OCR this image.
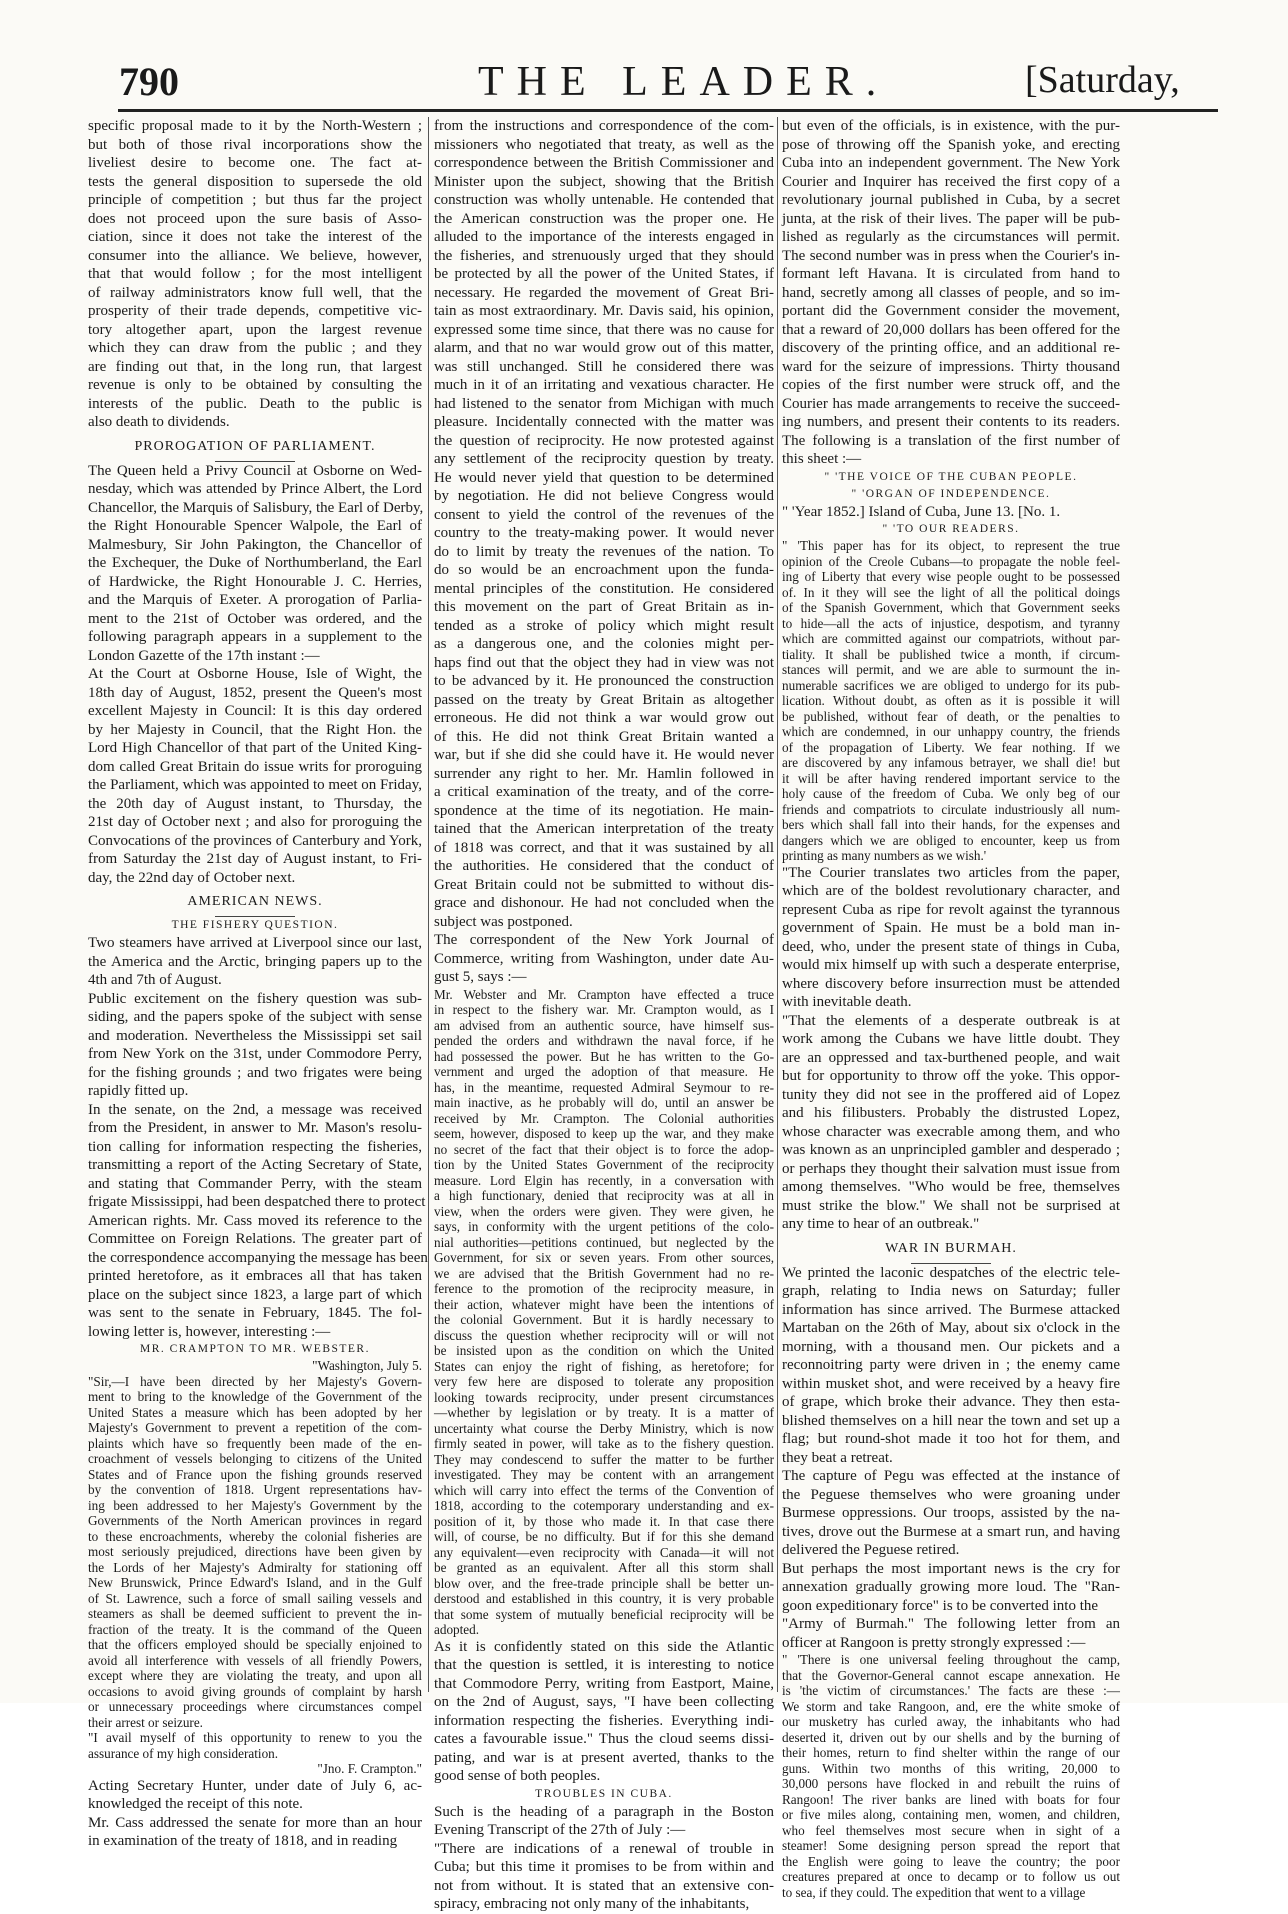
790	THE LEADER.	[Saturday,
specific proposal made to it by the North-Western ;
but both of those rival incorporations show the
liveliest desire to become one. The fact at-
tests the general disposition to supersede the old
principle of competition ; but thus far the project
does not proceed upon the sure basis of Asso-
ciation, since it does not take the interest of the
consumer into the alliance. We believe, however,
that that would follow ; for the most intelligent
of railway administrators know full well, that the
prosperity of their trade depends, competitive vic-
tory altogether apart, upon the largest revenue
which they can draw from the public ; and they
are finding out that, in the long run, that largest
revenue is only to be obtained by consulting the
interests of the public. Death to the public is
also death to dividends.
PROROGATION OF PARLIAMENT.
The Queen held a Privy Council at Osborne on Wed-
nesday, which was attended by Prince Albert, the Lord
Chancellor, the Marquis of Salisbury, the Earl of Derby,
the Right Honourable Spencer Walpole, the Earl of
Malmesbury, Sir John Pakington, the Chancellor of
the Exchequer, the Duke of Northumberland, the Earl
of Hardwicke, the Right Honourable J. C. Herries,
and the Marquis of Exeter. A prorogation of Parlia-
ment to the 21st of October was ordered, and the
following paragraph appears in a supplement to the
London Gazette of the 17th instant :—
At the Court at Osborne House, Isle of Wight, the
18th day of August, 1852, present the Queen's most
excellent Majesty in Council: It is this day ordered
by her Majesty in Council, that the Right Hon. the
Lord High Chancellor of that part of the United King-
dom called Great Britain do issue writs for proroguing
the Parliament, which was appointed to meet on Friday,
the 20th day of August instant, to Thursday, the
21st day of October next ; and also for proroguing the
Convocations of the provinces of Canterbury and York,
from Saturday the 21st day of August instant, to Fri-
day, the 22nd day of October next.
AMERICAN NEWS.
THE FISHERY QUESTION.
Two steamers have arrived at Liverpool since our last,
the America and the Arctic, bringing papers up to the
4th and 7th of August.
Public excitement on the fishery question was sub-
siding, and the papers spoke of the subject with sense
and moderation. Nevertheless the Mississippi set sail
from New York on the 31st, under Commodore Perry,
for the fishing grounds ; and two frigates were being
rapidly fitted up.
In the senate, on the 2nd, a message was received
from the President, in answer to Mr. Mason's resolu-
tion calling for information respecting the fisheries,
transmitting a report of the Acting Secretary of State,
and stating that Commander Perry, with the steam
frigate Mississippi, had been despatched there to protect
American rights. Mr. Cass moved its reference to the
Committee on Foreign Relations. The greater part of
the correspondence accompanying the message has been
printed heretofore, as it embraces all that has taken
place on the subject since 1823, a large part of which
was sent to the senate in February, 1845. The fol-
lowing letter is, however, interesting :—
MR. CRAMPTON TO MR. WEBSTER.
"Washington, July 5.
"Sir,—I have been directed by her Majesty's Govern-
ment to bring to the knowledge of the Government of the
United States a measure which has been adopted by her
Majesty's Government to prevent a repetition of the com-
plaints which have so frequently been made of the en-
croachment of vessels belonging to citizens of the United
States and of France upon the fishing grounds reserved
by the convention of 1818. Urgent representations hav-
ing been addressed to her Majesty's Government by the
Governments of the North American provinces in regard
to these encroachments, whereby the colonial fisheries are
most seriously prejudiced, directions have been given by
the Lords of her Majesty's Admiralty for stationing off
New Brunswick, Prince Edward's Island, and in the Gulf
of St. Lawrence, such a force of small sailing vessels and
steamers as shall be deemed sufficient to prevent the in-
fraction of the treaty. It is the command of the Queen
that the officers employed should be specially enjoined to
avoid all interference with vessels of all friendly Powers,
except where they are violating the treaty, and upon all
occasions to avoid giving grounds of complaint by harsh
or unnecessary proceedings where circumstances compel
their arrest or seizure.
"I avail myself of this opportunity to renew to you the
assurance of my high consideration.
"Jno. F. Crampton."
Acting Secretary Hunter, under date of July 6, ac-
knowledged the receipt of this note.
Mr. Cass addressed the senate for more than an hour
in examination of the treaty of 1818, and in reading
from the instructions and correspondence of the com-
missioners who negotiated that treaty, as well as the
correspondence between the British Commissioner and
Minister upon the subject, showing that the British
construction was wholly untenable. He contended that
the American construction was the proper one. He
alluded to the importance of the interests engaged in
the fisheries, and strenuously urged that they should
be protected by all the power of the United States, if
necessary. He regarded the movement of Great Bri-
tain as most extraordinary. Mr. Davis said, his opinion,
expressed some time since, that there was no cause for
alarm, and that no war would grow out of this matter,
was still unchanged. Still he considered there was
much in it of an irritating and vexatious character. He
had listened to the senator from Michigan with much
pleasure. Incidentally connected with the matter was
the question of reciprocity. He now protested against
any settlement of the reciprocity question by treaty.
He would never yield that question to be determined
by negotiation. He did not believe Congress would
consent to yield the control of the revenues of the
country to the treaty-making power. It would never
do to limit by treaty the revenues of the nation. To
do so would be an encroachment upon the funda-
mental principles of the constitution. He considered
this movement on the part of Great Britain as in-
tended as a stroke of policy which might result
as a dangerous one, and the colonies might per-
haps find out that the object they had in view was not
to be advanced by it. He pronounced the construction
passed on the treaty by Great Britain as altogether
erroneous. He did not think a war would grow out
of this. He did not think Great Britain wanted a
war, but if she did she could have it. He would never
surrender any right to her. Mr. Hamlin followed in
a critical examination of the treaty, and of the corre-
spondence at the time of its negotiation. He main-
tained that the American interpretation of the treaty
of 1818 was correct, and that it was sustained by all
the authorities. He considered that the conduct of
Great Britain could not be submitted to without dis-
grace and dishonour. He had not concluded when the
subject was postponed.
The correspondent of the New York Journal of
Commerce, writing from Washington, under date Au-
gust 5, says :—
Mr. Webster and Mr. Crampton have effected a truce
in respect to the fishery war. Mr. Crampton would, as I
am advised from an authentic source, have himself sus-
pended the orders and withdrawn the naval force, if he
had possessed the power. But he has written to the Go-
vernment and urged the adoption of that measure. He
has, in the meantime, requested Admiral Seymour to re-
main inactive, as he probably will do, until an answer be
received by Mr. Crampton. The Colonial authorities
seem, however, disposed to keep up the war, and they make
no secret of the fact that their object is to force the adop-
tion by the United States Government of the reciprocity
measure. Lord Elgin has recently, in a conversation with
a high functionary, denied that reciprocity was at all in
view, when the orders were given. They were given, he
says, in conformity with the urgent petitions of the colo-
nial authorities—petitions continued, but neglected by the
Government, for six or seven years. From other sources,
we are advised that the British Government had no re-
ference to the promotion of the reciprocity measure, in
their action, whatever might have been the intentions of
the colonial Government. But it is hardly necessary to
discuss the question whether reciprocity will or will not
be insisted upon as the condition on which the United
States can enjoy the right of fishing, as heretofore; for
very few here are disposed to tolerate any proposition
looking towards reciprocity, under present circumstances
—whether by legislation or by treaty. It is a matter of
uncertainty what course the Derby Ministry, which is now
firmly seated in power, will take as to the fishery question.
They may condescend to suffer the matter to be further
investigated. They may be content with an arrangement
which will carry into effect the terms of the Convention of
1818, according to the cotemporary understanding and ex-
position of it, by those who made it. In that case there
will, of course, be no difficulty. But if for this she demand
any equivalent—even reciprocity with Canada—it will not
be granted as an equivalent. After all this storm shall
blow over, and the free-trade principle shall be better un-
derstood and established in this country, it is very probable
that some system of mutually beneficial reciprocity will be
adopted.
As it is confidently stated on this side the Atlantic
that the question is settled, it is interesting to notice
that Commodore Perry, writing from Eastport, Maine,
on the 2nd of August, says, "I have been collecting
information respecting the fisheries. Everything indi-
cates a favourable issue." Thus the cloud seems dissi-
pating, and war is at present averted, thanks to the
good sense of both peoples.
TROUBLES IN CUBA.
Such is the heading of a paragraph in the Boston
Evening Transcript of the 27th of July :—
"There are indications of a renewal of trouble in
Cuba; but this time it promises to be from within and
not from without. It is stated that an extensive con-
spiracy, embracing not only many of the inhabitants,
but even of the officials, is in existence, with the pur-
pose of throwing off the Spanish yoke, and erecting
Cuba into an independent government. The New York
Courier and Inquirer has received the first copy of a
revolutionary journal published in Cuba, by a secret
junta, at the risk of their lives. The paper will be pub-
lished as regularly as the circumstances will permit.
The second number was in press when the Courier's in-
formant left Havana. It is circulated from hand to
hand, secretly among all classes of people, and so im-
portant did the Government consider the movement,
that a reward of 20,000 dollars has been offered for the
discovery of the printing office, and an additional re-
ward for the seizure of impressions. Thirty thousand
copies of the first number were struck off, and the
Courier has made arrangements to receive the succeed-
ing numbers, and present their contents to its readers.
The following is a translation of the first number of
this sheet :—
" 'THE VOICE OF THE CUBAN PEOPLE.
" 'ORGAN OF INDEPENDENCE.
" 'Year 1852.] Island of Cuba, June 13. [No. 1.
" 'TO OUR READERS.
" 'This paper has for its object, to represent the true
opinion of the Creole Cubans—to propagate the noble feel-
ing of Liberty that every wise people ought to be possessed
of. In it they will see the light of all the political doings
of the Spanish Government, which that Government seeks
to hide—all the acts of injustice, despotism, and tyranny
which are committed against our compatriots, without par-
tiality. It shall be published twice a month, if circum-
stances will permit, and we are able to surmount the in-
numerable sacrifices we are obliged to undergo for its pub-
lication. Without doubt, as often as it is possible it will
be published, without fear of death, or the penalties to
which are condemned, in our unhappy country, the friends
of the propagation of Liberty. We fear nothing. If we
are discovered by any infamous betrayer, we shall die! but
it will be after having rendered important service to the
holy cause of the freedom of Cuba. We only beg of our
friends and compatriots to circulate industriously all num-
bers which shall fall into their hands, for the expenses and
dangers which we are obliged to encounter, keep us from
printing as many numbers as we wish.'
"The Courier translates two articles from the paper,
which are of the boldest revolutionary character, and
represent Cuba as ripe for revolt against the tyrannous
government of Spain. He must be a bold man in-
deed, who, under the present state of things in Cuba,
would mix himself up with such a desperate enterprise,
where discovery before insurrection must be attended
with inevitable death.
"That the elements of a desperate outbreak is at
work among the Cubans we have little doubt. They
are an oppressed and tax-burthened people, and wait
but for opportunity to throw off the yoke. This oppor-
tunity they did not see in the proffered aid of Lopez
and his filibusters. Probably the distrusted Lopez,
whose character was execrable among them, and who
was known as an unprincipled gambler and desperado ;
or perhaps they thought their salvation must issue from
among themselves. "Who would be free, themselves
must strike the blow." We shall not be surprised at
any time to hear of an outbreak."
WAR IN BURMAH.
We printed the laconic despatches of the electric tele-
graph, relating to India news on Saturday; fuller
information has since arrived. The Burmese attacked
Martaban on the 26th of May, about six o'clock in the
morning, with a thousand men. Our pickets and a
reconnoitring party were driven in ; the enemy came
within musket shot, and were received by a heavy fire
of grape, which broke their advance. They then esta-
blished themselves on a hill near the town and set up a
flag; but round-shot made it too hot for them, and
they beat a retreat.
The capture of Pegu was effected at the instance of
the Peguese themselves who were groaning under
Burmese oppressions. Our troops, assisted by the na-
tives, drove out the Burmese at a smart run, and having
delivered the Peguese retired.
But perhaps the most important news is the cry for
annexation gradually growing more loud. The "Ran-
goon expeditionary force" is to be converted into the
"Army of Burmah." The following letter from an
officer at Rangoon is pretty strongly expressed :—
" 'There is one universal feeling throughout the camp,
that the Governor-General cannot escape annexation. He
is 'the victim of circumstances.' The facts are these :—
We storm and take Rangoon, and, ere the white smoke of
our musketry has curled away, the inhabitants who had
deserted it, driven out by our shells and by the burning of
their homes, return to find shelter within the range of our
guns. Within two months of this writing, 20,000 to
30,000 persons have flocked in and rebuilt the ruins of
Rangoon! The river banks are lined with boats for four
or five miles along, containing men, women, and children,
who feel themselves most secure when in sight of a
steamer! Some designing person spread the report that
the English were going to leave the country; the poor
creatures prepared at once to decamp or to follow us out
to sea, if they could. The expedition that went to a village
